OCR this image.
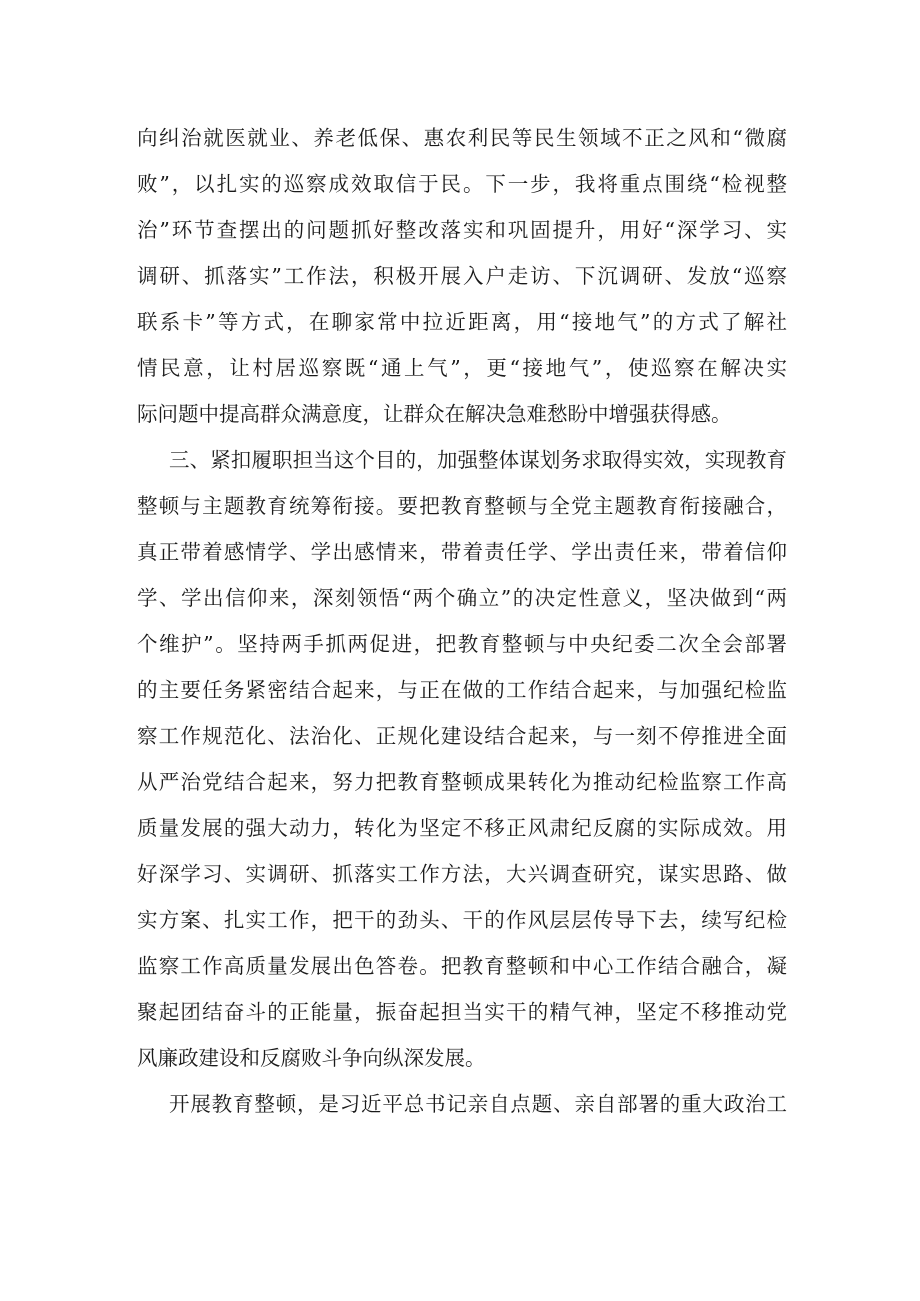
向纠治就医就业、养老低保、惠农利民等民生领域不正之风和“微腐
败”，以扎实的巡察成效取信于民。下一步，我将重点围绕“检视整
治”环节查摆出的问题抓好整改落实和巩固提升，用好“深学习、实
调研、抓落实”工作法，积极开展入户走访、下沉调研、发放“巡察
联系卡”等方式，在聊家常中拉近距离，用“接地气”的方式了解社
情民意，让村居巡察既“通上气”，更“接地气”，使巡察在解决实
际问题中提高群众满意度，让群众在解决急难愁盼中增强获得感。
三、紧扣履职担当这个目的，加强整体谋划务求取得实效，实现教育
整顿与主题教育统筹衔接。要把教育整顿与全党主题教育衔接融合，
真正带着感情学、学出感情来，带着责任学、学出责任来，带着信仰
学、学出信仰来，深刻领悟“两个确立”的决定性意义，坚决做到“两
个维护”。坚持两手抓两促进，把教育整顿与中央纪委二次全会部署
的主要任务紧密结合起来，与正在做的工作结合起来，与加强纪检监
察工作规范化、法治化、正规化建设结合起来，与一刻不停推进全面
从严治党结合起来，努力把教育整顿成果转化为推动纪检监察工作高
质量发展的强大动力，转化为坚定不移正风肃纪反腐的实际成效。用
好深学习、实调研、抓落实工作方法，大兴调查研究，谋实思路、做
实方案、扎实工作，把干的劲头、干的作风层层传导下去，续写纪检
监察工作高质量发展出色答卷。把教育整顿和中心工作结合融合，凝
聚起团结奋斗的正能量，振奋起担当实干的精气神，坚定不移推动党
风廉政建设和反腐败斗争向纵深发展。
开展教育整顿，是习近平总书记亲自点题、亲自部署的重大政治工
